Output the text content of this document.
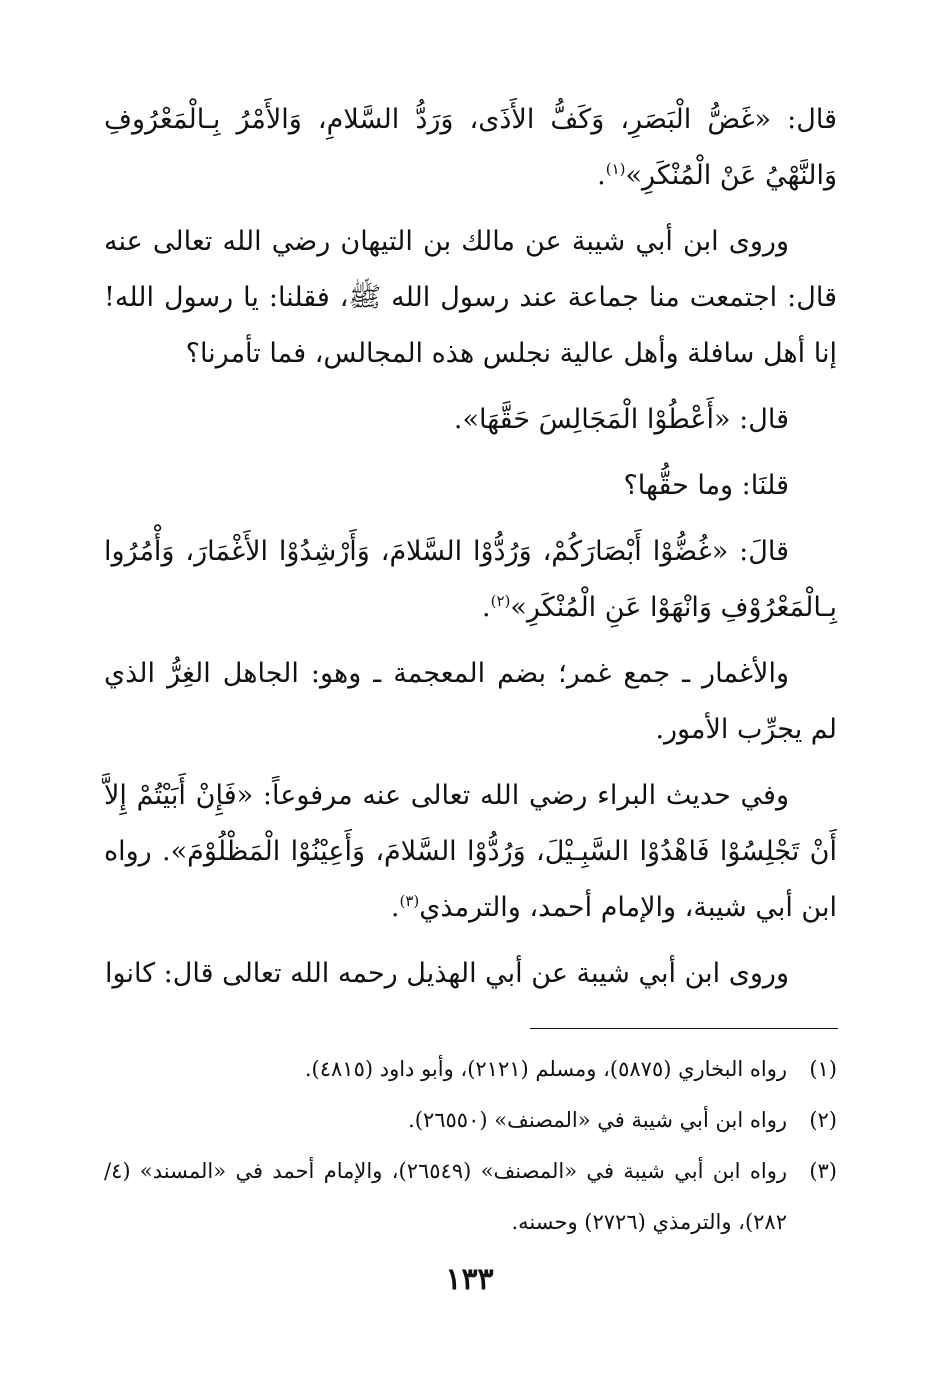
قال: «غَضُّ الْبَصَرِ، وَكَفُّ الأَذَى، وَرَدُّ السَّلامِ، وَالأَمْرُ بِـالْمَعْرُوفِ وَالنَّهْيُ عَنْ الْمُنْكَرِ»$^{(١)}$.

وروى ابن أبي شيبة عن مالك بن التيهان رضي الله تعالى عنه قال: اجتمعت منا جماعة عند رسول الله ﷺ، فقلنا: يا رسول الله! إنا أهل سافلة وأهل عالية نجلس هذه المجالس، فما تأمرنا؟

قال: «أَعْطُوْا الْمَجَالِسَ حَقَّهَا».

قلنَا: وما حقُّها؟

قالَ: «غُضُّوْا أَبْصَارَكُمْ، وَرُدُّوْا السَّلامَ، وَأَرْشِدُوْا الأَغْمَارَ، وَأْمُرُوا بِـالْمَعْرُوْفِ وَانْهَوْا عَنِ الْمُنْكَرِ»$^{(٢)}$.

والأغمار ـ جمع غمر؛ بضم المعجمة ـ وهو: الجاهل الغِرُّ الذي لم يجرِّب الأمور.

وفي حديث البراء رضي الله تعالى عنه مرفوعاً: «فَإِنْ أَبَيْتُمْ إِلاَّ أَنْ تَجْلِسُوْا فَاهْدُوْا السَّبِـيْلَ، وَرُدُّوْا السَّلامَ، وَأَعِيْنُوْا الْمَظْلُوْمَ». رواه ابن أبي شيبة، والإمام أحمد، والترمذي$^{(٣)}$.

وروى ابن أبي شيبة عن أبي الهذيل رحمه الله تعالى قال: كانوا

(١)
رواه البخاري (٥٨٧٥)، ومسلم (٢١٢١)، وأبو داود (٤٨١٥).
(٢)
رواه ابن أبي شيبة في «المصنف» (٢٦٥٥٠).
(٣)
رواه ابن أبي شيبة في «المصنف» (٢٦٥٤٩)، والإمام أحمد في «المسند» (٤/ ٢٨٢)، والترمذي (٢٧٢٦) وحسنه.
١٣٣
